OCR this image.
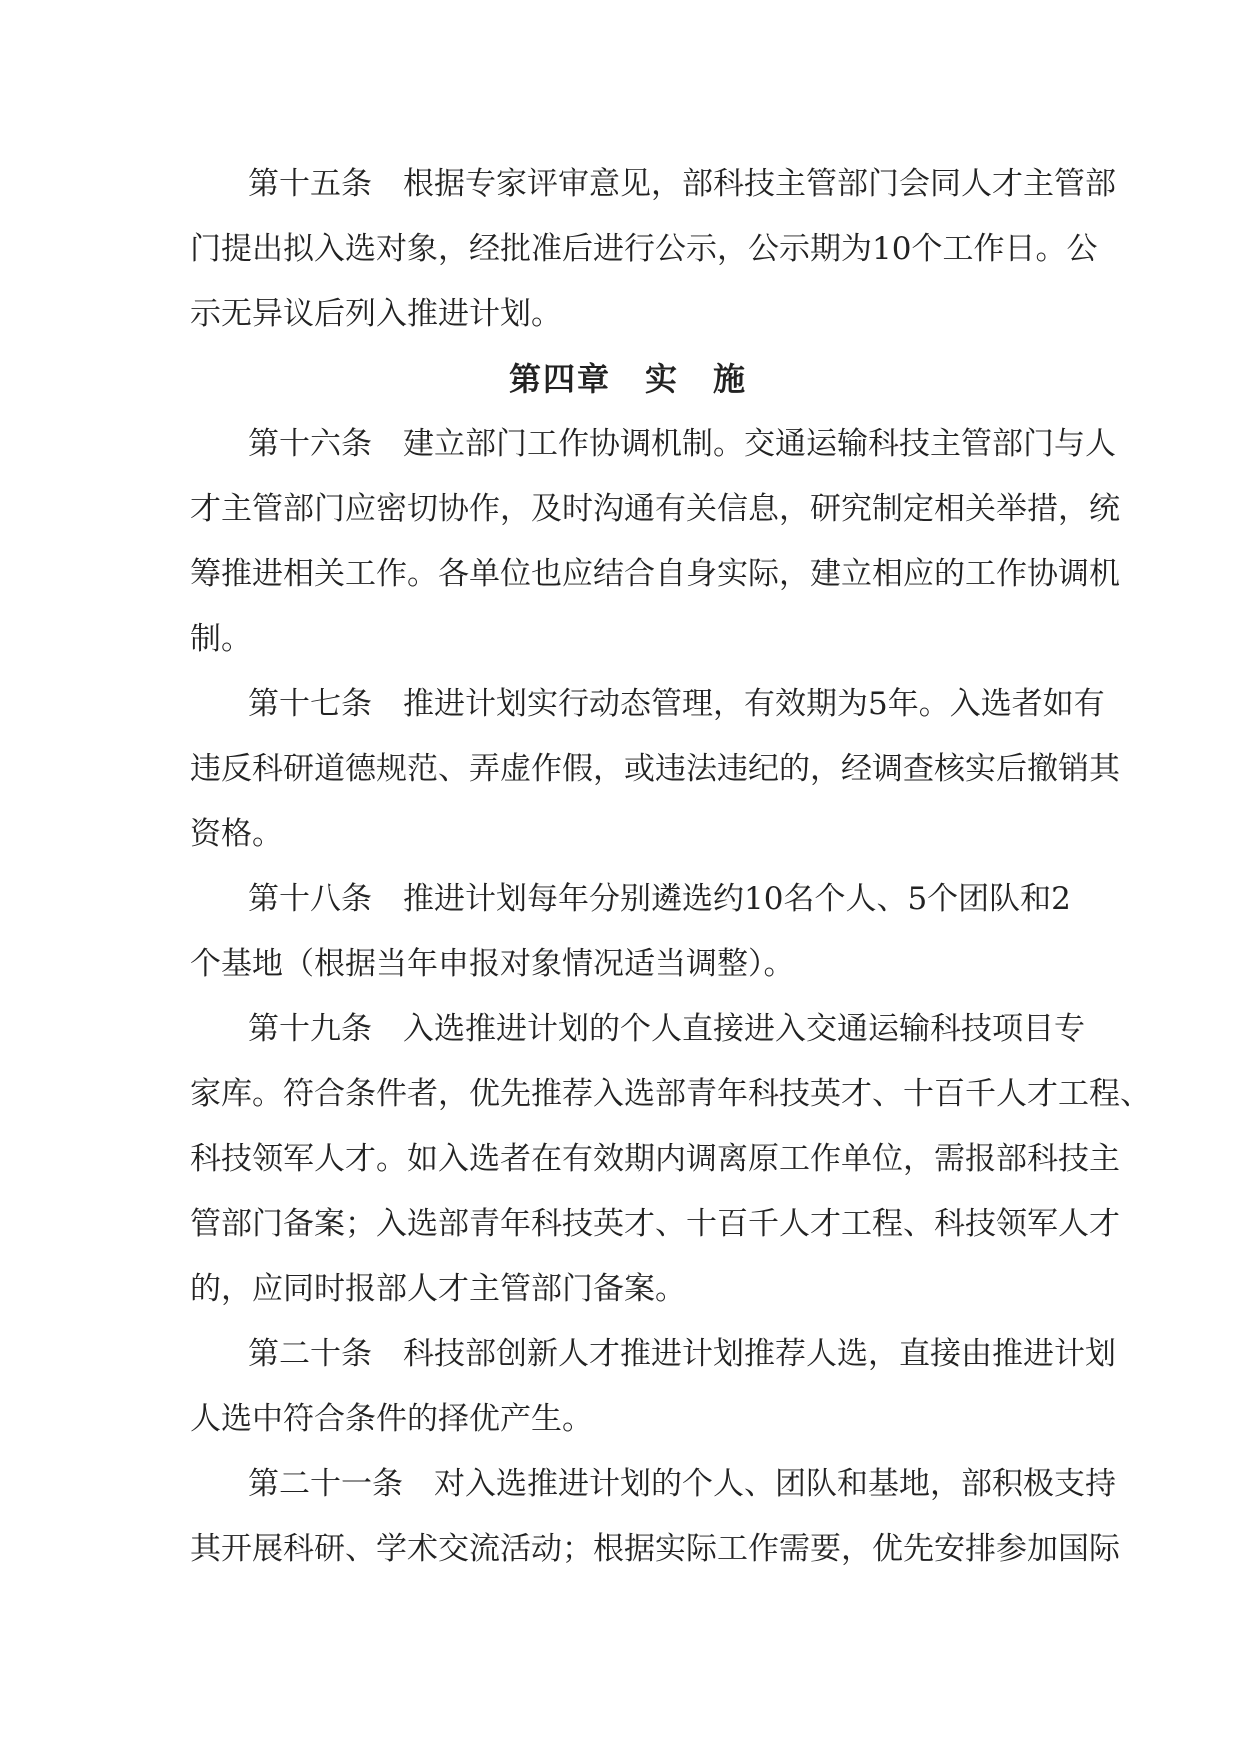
第十五条　根据专家评审意见，部科技主管部门会同人才主管部
门提出拟入选对象，经批准后进行公示，公示期为10个工作日。公
示无异议后列入推进计划。
第四章　实　施
第十六条　建立部门工作协调机制。交通运输科技主管部门与人
才主管部门应密切协作，及时沟通有关信息，研究制定相关举措，统
筹推进相关工作。各单位也应结合自身实际，建立相应的工作协调机
制。
第十七条　推进计划实行动态管理，有效期为5年。入选者如有
违反科研道德规范、弄虚作假，或违法违纪的，经调查核实后撤销其
资格。
第十八条　推进计划每年分别遴选约10名个人、5个团队和2
个基地（根据当年申报对象情况适当调整）。
第十九条　入选推进计划的个人直接进入交通运输科技项目专
家库。符合条件者，优先推荐入选部青年科技英才、十百千人才工程、
科技领军人才。如入选者在有效期内调离原工作单位，需报部科技主
管部门备案；入选部青年科技英才、十百千人才工程、科技领军人才
的，应同时报部人才主管部门备案。
第二十条　科技部创新人才推进计划推荐人选，直接由推进计划
人选中符合条件的择优产生。
第二十一条　对入选推进计划的个人、团队和基地，部积极支持
其开展科研、学术交流活动；根据实际工作需要，优先安排参加国际
